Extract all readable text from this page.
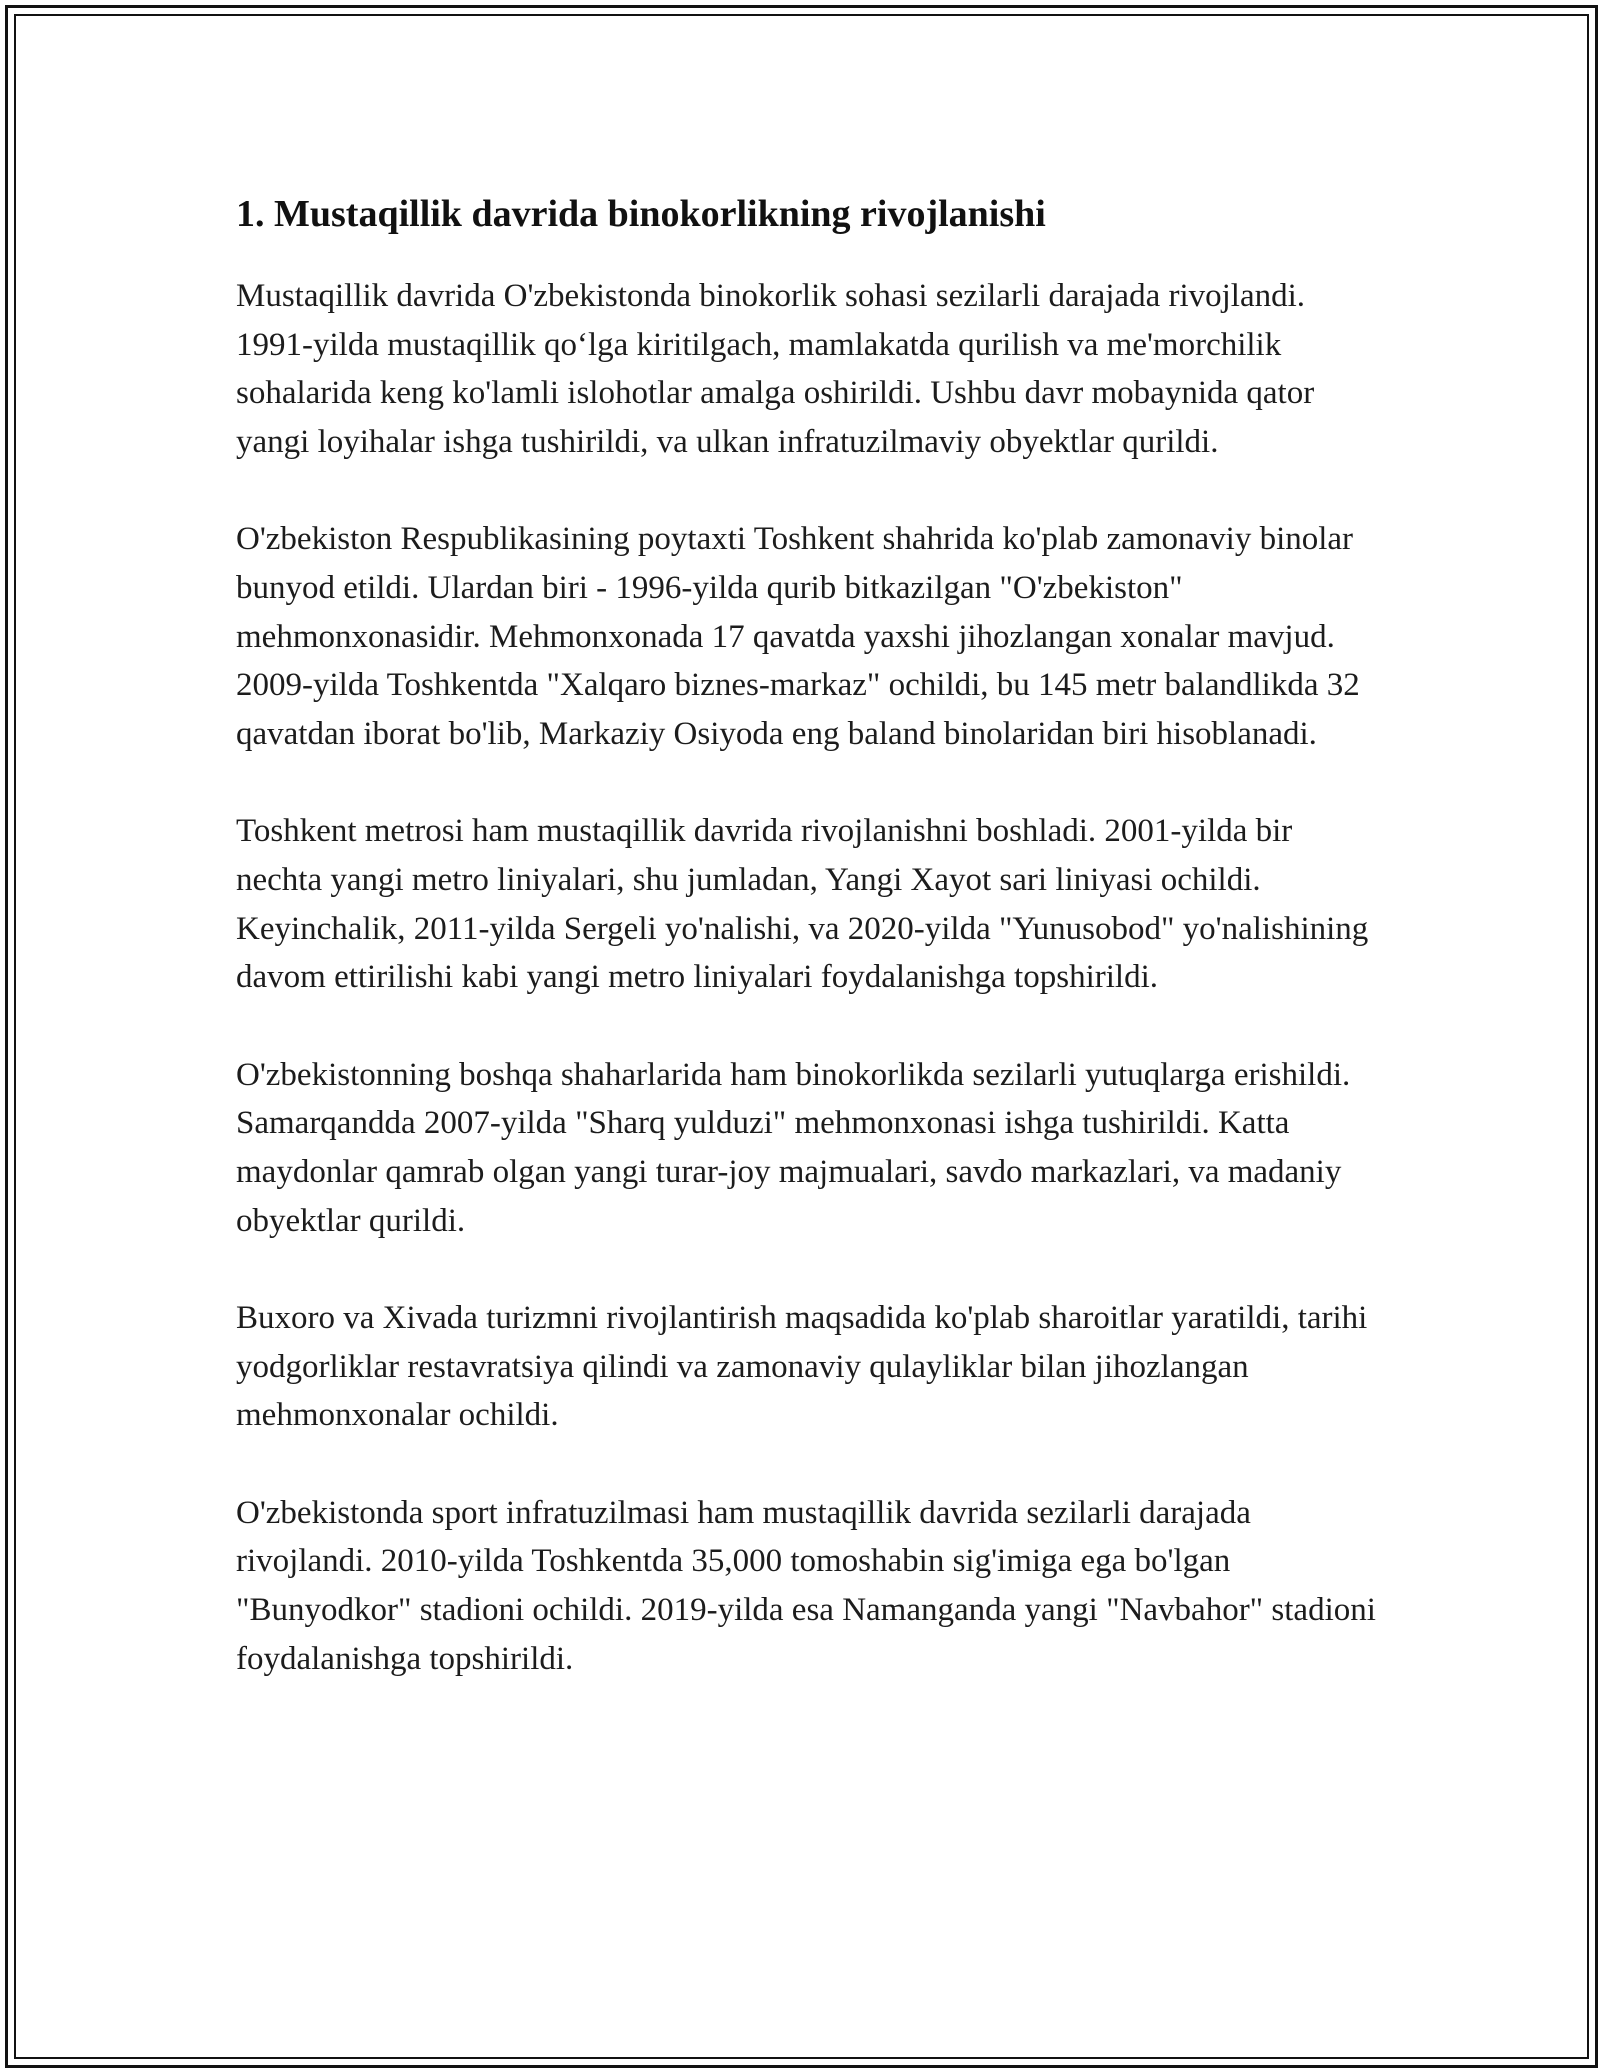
1. Mustaqillik davrida binokorlikning rivojlanishi

Mustaqillik davrida O'zbekistonda binokorlik sohasi sezilarli darajada rivojlandi. 1991-yilda mustaqillik qo‘lga kiritilgach, mamlakatda qurilish va me'morchilik sohalarida keng ko'lamli islohotlar amalga oshirildi. Ushbu davr mobaynida qator yangi loyihalar ishga tushirildi, va ulkan infratuzilmaviy obyektlar qurildi.

O'zbekiston Respublikasining poytaxti Toshkent shahrida ko'plab zamonaviy binolar bunyod etildi. Ulardan biri - 1996-yilda qurib bitkazilgan "O'zbekiston" mehmonxonasidir. Mehmonxonada 17 qavatda yaxshi jihozlangan xonalar mavjud. 2009-yilda Toshkentda "Xalqaro biznes-markaz" ochildi, bu 145 metr balandlikda 32 qavatdan iborat bo'lib, Markaziy Osiyoda eng baland binolaridan biri hisoblanadi.

Toshkent metrosi ham mustaqillik davrida rivojlanishni boshladi. 2001-yilda bir nechta yangi metro liniyalari, shu jumladan, Yangi Xayot sari liniyasi ochildi. Keyinchalik, 2011-yilda Sergeli yo'nalishi, va 2020-yilda "Yunusobod" yo'nalishining davom ettirilishi kabi yangi metro liniyalari foydalanishga topshirildi.

O'zbekistonning boshqa shaharlarida ham binokorlikda sezilarli yutuqlarga erishildi. Samarqandda 2007-yilda "Sharq yulduzi" mehmonxonasi ishga tushirildi. Katta maydonlar qamrab olgan yangi turar-joy majmualari, savdo markazlari, va madaniy obyektlar qurildi.

Buxoro va Xivada turizmni rivojlantirish maqsadida ko'plab sharoitlar yaratildi, tarihi yodgorliklar restavratsiya qilindi va zamonaviy qulayliklar bilan jihozlangan mehmonxonalar ochildi.

O'zbekistonda sport infratuzilmasi ham mustaqillik davrida sezilarli darajada rivojlandi. 2010-yilda Toshkentda 35,000 tomoshabin sig'imiga ega bo'lgan "Bunyodkor" stadioni ochildi. 2019-yilda esa Namanganda yangi "Navbahor" stadioni foydalanishga topshirildi.
